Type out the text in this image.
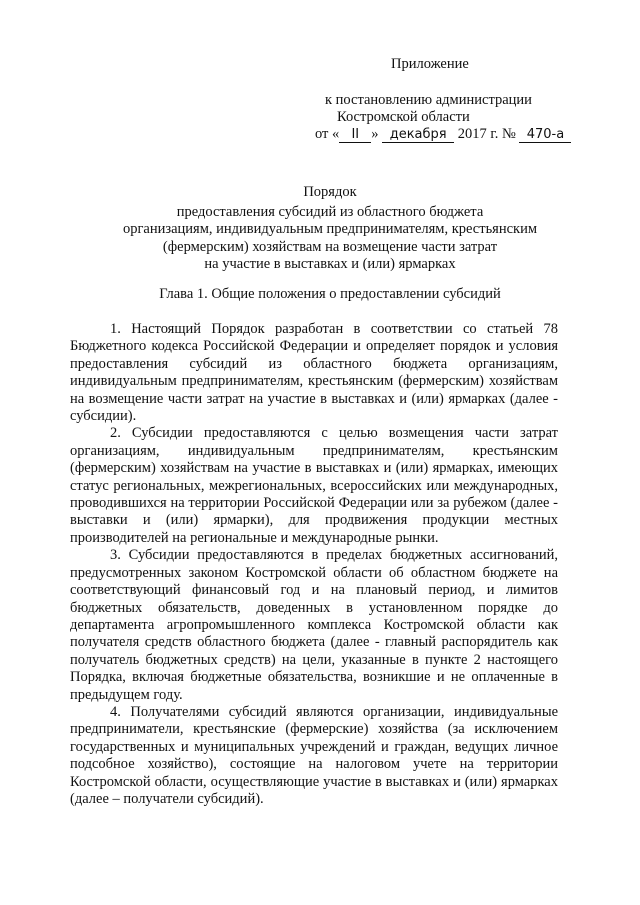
Приложение
к постановлению администрации
Костромской области
от « II » декабря 2017 г. № 470-а
Порядок
предоставления субсидий из областного бюджета
организациям, индивидуальным предпринимателям, крестьянским
(фермерским) хозяйствам на возмещение части затрат
на участие в выставках и (или) ярмарках
Глава 1. Общие положения о предоставлении субсидий

1. Настоящий Порядок разработан в соответствии со статьей 78 Бюджетного кодекса Российской Федерации и определяет порядок и условия предоставления субсидий из областного бюджета организациям, индивидуальным предпринимателям, крестьянским (фермерским) хозяйствам на возмещение части затрат на участие в выставках и (или) ярмарках (далее - субсидии).

2. Субсидии предоставляются с целью возмещения части затрат организациям, индивидуальным предпринимателям, крестьянским (фермерским) хозяйствам на участие в выставках и (или) ярмарках, имеющих статус региональных, межрегиональных, всероссийских или международных, проводившихся на территории Российской Федерации или за рубежом (далее - выставки и (или) ярмарки), для продвижения продукции местных производителей на региональные и международные рынки.

3. Субсидии предоставляются в пределах бюджетных ассигнований, предусмотренных законом Костромской области об областном бюджете на соответствующий финансовый год и на плановый период, и лимитов бюджетных обязательств, доведенных в установленном порядке до департамента агропромышленного комплекса Костромской области как получателя средств областного бюджета (далее - главный распорядитель как получатель бюджетных средств) на цели, указанные в пункте 2 настоящего Порядка, включая бюджетные обязательства, возникшие и не оплаченные в предыдущем году.

4. Получателями субсидий являются организации, индивидуальные предприниматели, крестьянские (фермерские) хозяйства (за исключением государственных и муниципальных учреждений и граждан, ведущих личное подсобное хозяйство), состоящие на налоговом учете на территории Костромской области, осуществляющие участие в выставках и (или) ярмарках (далее – получатели субсидий).
